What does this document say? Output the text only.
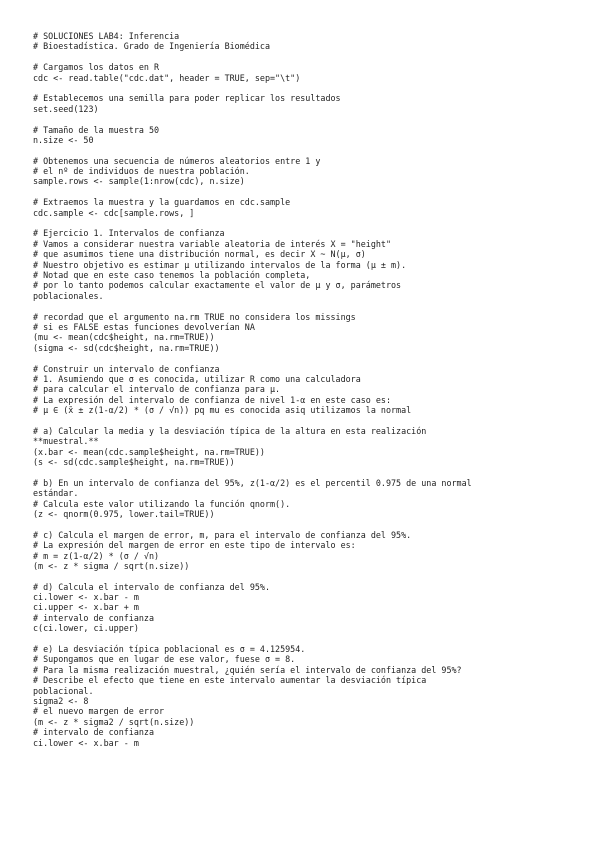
# SOLUCIONES LAB4: Inferencia
# Bioestadística. Grado de Ingeniería Biomédica
# Cargamos los datos en R
cdc <- read.table("cdc.dat", header = TRUE, sep="\t")
# Establecemos una semilla para poder replicar los resultados
set.seed(123)
# Tamaño de la muestra 50
n.size <- 50
# Obtenemos una secuencia de números aleatorios entre 1 y
# el nº de individuos de nuestra población.
sample.rows <- sample(1:nrow(cdc), n.size)
# Extraemos la muestra y la guardamos en cdc.sample
cdc.sample <- cdc[sample.rows, ]
# Ejercicio 1. Intervalos de confianza
# Vamos a considerar nuestra variable aleatoria de interés X = "height"
# que asumimos tiene una distribución normal, es decir X ~ N(μ, σ)
# Nuestro objetivo es estimar μ utilizando intervalos de la forma (μ ± m).
# Notad que en este caso tenemos la población completa,
# por lo tanto podemos calcular exactamente el valor de μ y σ, parámetros
poblacionales.
# recordad que el argumento na.rm TRUE no considera los missings
# si es FALSE estas funciones devolverían NA
(mu <- mean(cdc$height, na.rm=TRUE))
(sigma <- sd(cdc$height, na.rm=TRUE))
# Construir un intervalo de confianza
# 1. Asumiendo que σ es conocida, utilizar R como una calculadora
# para calcular el intervalo de confianza para μ.
# La expresión del intervalo de confianza de nivel 1-α en este caso es:
# μ ∈ (x̄ ± z(1-α/2) * (σ / √n)) pq mu es conocida asiq utilizamos la normal
# a) Calcular la media y la desviación típica de la altura en esta realización
**muestral.**
(x.bar <- mean(cdc.sample$height, na.rm=TRUE))
(s <- sd(cdc.sample$height, na.rm=TRUE))
# b) En un intervalo de confianza del 95%, z(1-α/2) es el percentil 0.975 de una normal
estándar.
# Calcula este valor utilizando la función qnorm().
(z <- qnorm(0.975, lower.tail=TRUE))
# c) Calcula el margen de error, m, para el intervalo de confianza del 95%.
# La expresión del margen de error en este tipo de intervalo es:
# m = z(1-α/2) * (σ / √n)
(m <- z * sigma / sqrt(n.size))
# d) Calcula el intervalo de confianza del 95%.
ci.lower <- x.bar - m
ci.upper <- x.bar + m
# intervalo de confianza
c(ci.lower, ci.upper)
# e) La desviación típica poblacional es σ = 4.125954.
# Supongamos que en lugar de ese valor, fuese σ = 8.
# Para la misma realización muestral, ¿quién sería el intervalo de confianza del 95%?
# Describe el efecto que tiene en este intervalo aumentar la desviación típica
poblacional.
sigma2 <- 8
# el nuevo margen de error
(m <- z * sigma2 / sqrt(n.size))
# intervalo de confianza
ci.lower <- x.bar - m
